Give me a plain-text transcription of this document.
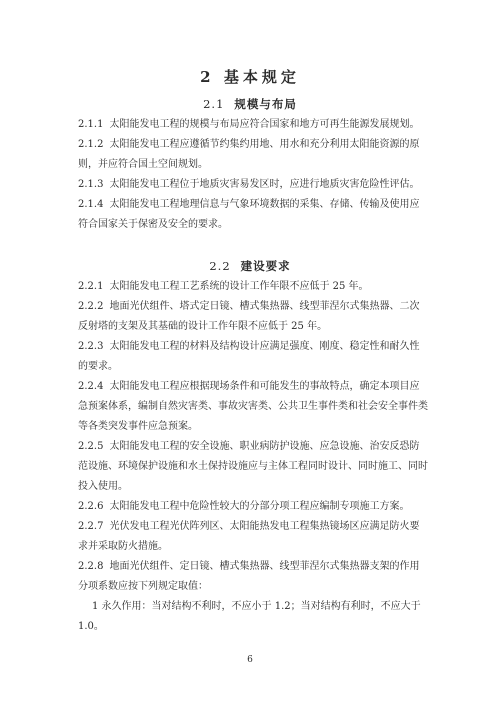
2 基本规定
2.1 规模与布局
2.1.1 太阳能发电工程的规模与布局应符合国家和地方可再生能源发展规划。
2.1.2 太阳能发电工程应遵循节约集约用地、用水和充分利用太阳能资源的原
则，并应符合国土空间规划。
2.1.3 太阳能发电工程位于地质灾害易发区时，应进行地质灾害危险性评估。
2.1.4 太阳能发电工程地理信息与气象环境数据的采集、存储、传输及使用应
符合国家关于保密及安全的要求。
2.2 建设要求
2.2.1 太阳能发电工程工艺系统的设计工作年限不应低于 25 年。
2.2.2 地面光伏组件、塔式定日镜、槽式集热器、线型菲涅尔式集热器、二次
反射塔的支架及其基础的设计工作年限不应低于 25 年。
2.2.3 太阳能发电工程的材料及结构设计应满足强度、刚度、稳定性和耐久性
的要求。
2.2.4 太阳能发电工程应根据现场条件和可能发生的事故特点，确定本项目应
急预案体系，编制自然灾害类、事故灾害类、公共卫生事件类和社会安全事件类
等各类突发事件应急预案。
2.2.5 太阳能发电工程的安全设施、职业病防护设施、应急设施、治安反恐防
范设施、环境保护设施和水土保持设施应与主体工程同时设计、同时施工、同时
投入使用。
2.2.6 太阳能发电工程中危险性较大的分部分项工程应编制专项施工方案。
2.2.7 光伏发电工程光伏阵列区、太阳能热发电工程集热镜场区应满足防火要
求并采取防火措施。
2.2.8 地面光伏组件、定日镜、槽式集热器、线型菲涅尔式集热器支架的作用
分项系数应按下列规定取值：
1 永久作用：当对结构不利时，不应小于 1.2；当对结构有利时，不应大于
1.0。
6
